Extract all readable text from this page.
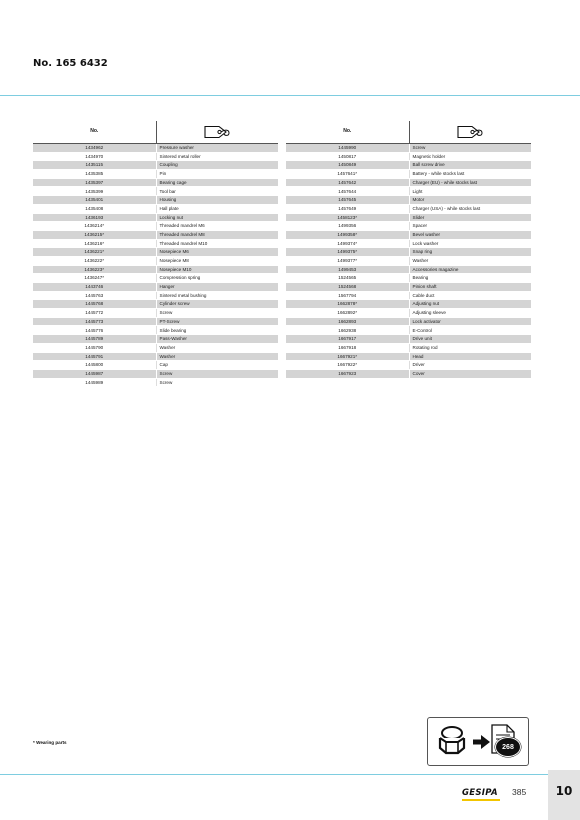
No. 165 6432
No.	
1434962	Pressure washer
1434970	Sintered metal roller
1435115	Coupling
1435385	Pin
1435397	Bearing cage
1435399	Tool bar
1435401	Housing
1435408	Hall plate
1436193	Locking nut
1436214*	Threaded mandrel M6
1436215*	Threaded mandrel M8
1436216*	Threaded mandrel M10
1436221*	Nosepiece M6
1436222*	Nosepiece M8
1436223*	Nosepiece M10
1436247*	Compression spring
1443746	Hanger
1445763	Sintered metal bushing
1445768	Cylinder screw
1445772	Screw
1445773	PT-Screw
1445776	Slide bearing
1445789	Pass-Washer
1445790	Washer
1445791	Washer
1445800	Cap
1445987	Screw
1445989	Screw
No.	
1445990	Screw
1450817	Magnetic holder
1450849	Ball screw drive
1457641*	Battery - while stocks last
1457642	Charger (EU) - while stocks last
1457644	Light
1457645	Motor
1457649	Charger (USA) - while stocks last
1458123*	Slider
1499356	Spacer
1499358*	Bevel washer
1499374*	Lock washer
1499375*	Snap ring
1499377*	Washer
1499453	Accessories magazine
1524565	Bearing
1524568	Pinion shaft
1567794	Cable duct
1662878*	Adjusting nut
1662892*	Adjusting sleeve
1662893	Lock activator
1662938	E-Control
1667917	Drive unit
1667918	Rotating rod
1667921*	Head
1667922*	Driver
1667923	Cover
* Wearing parts
268
GESIPA 385	10
